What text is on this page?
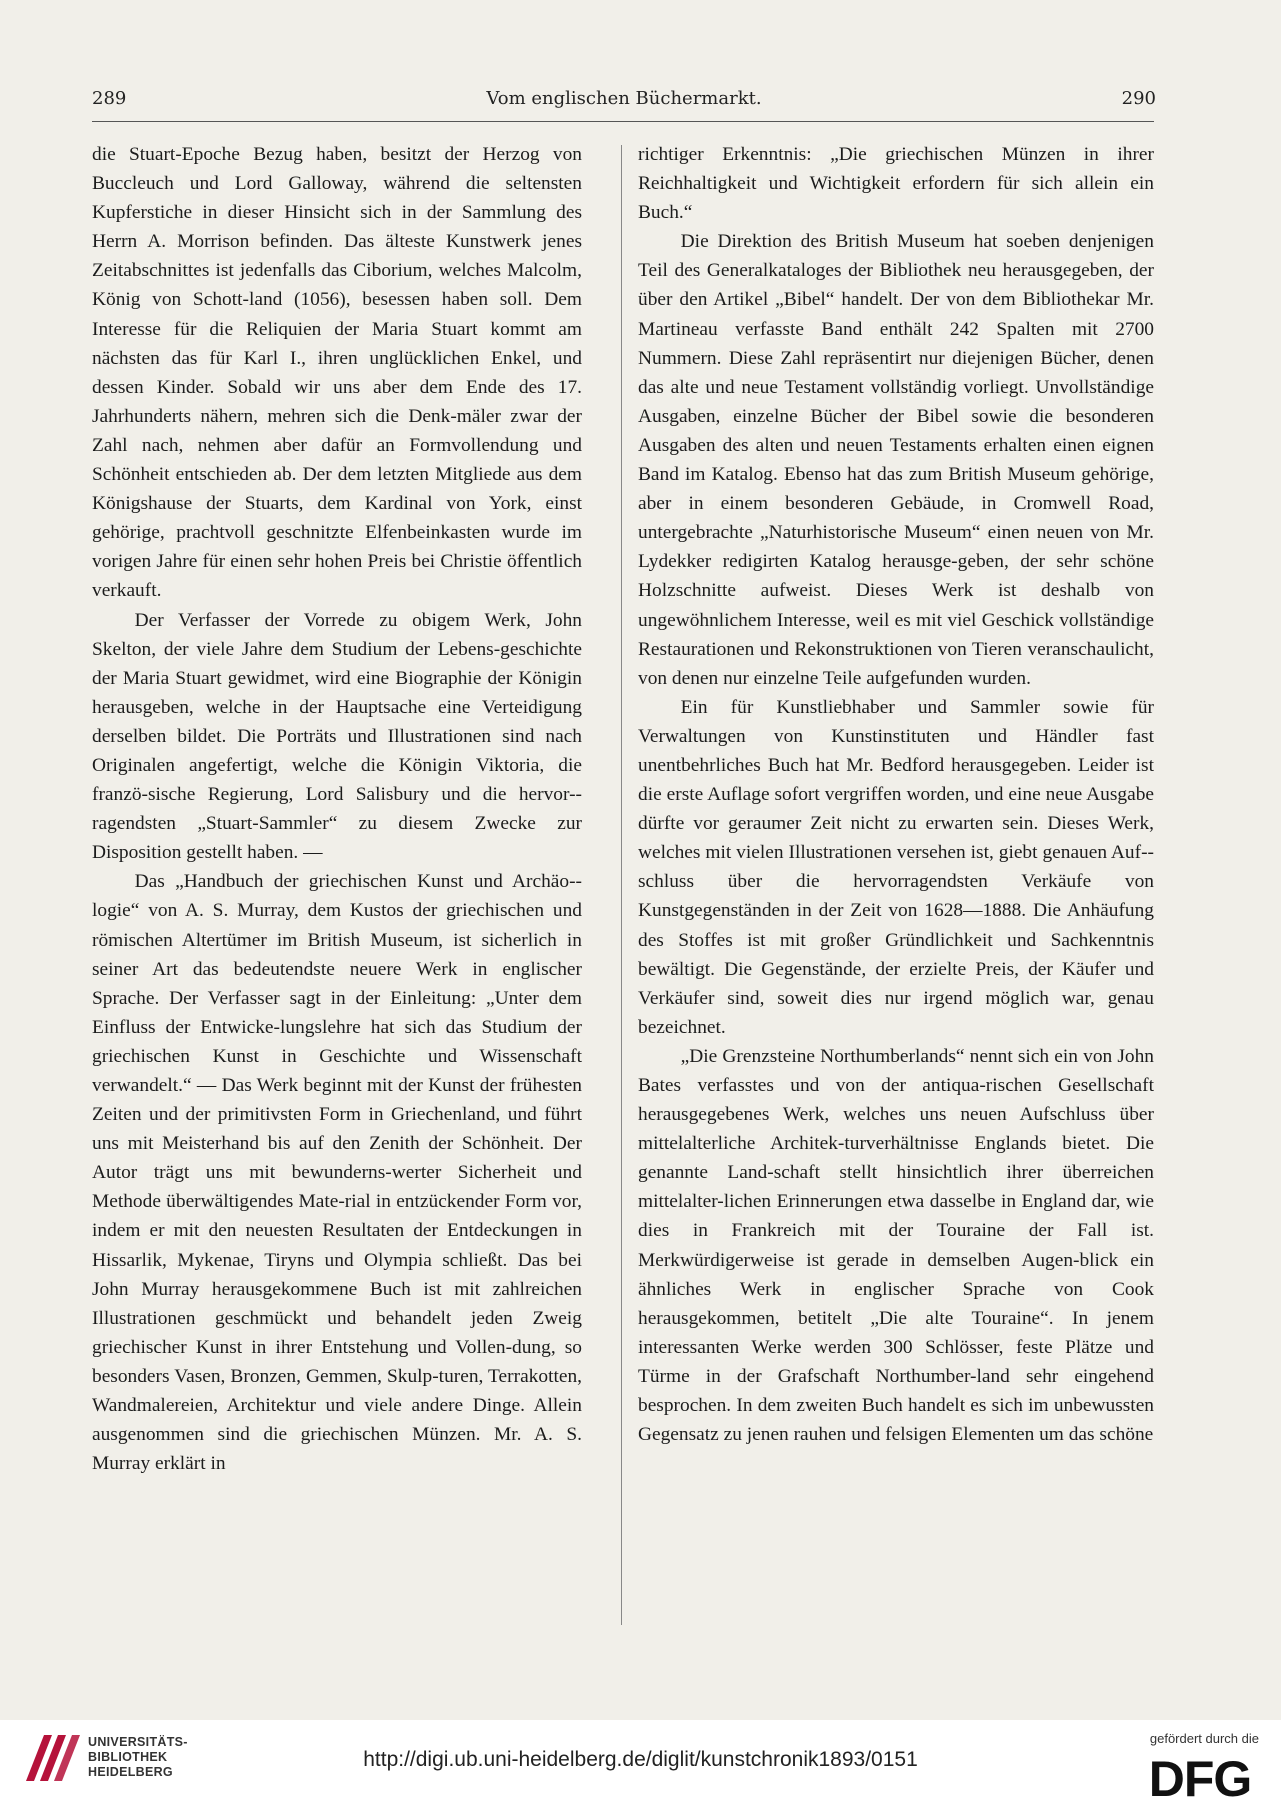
289	Vom englischen Büchermarkt.	290

die Stuart-Epoche Bezug haben, besitzt der Herzog von Buccleuch und Lord Galloway, während die seltensten Kupferstiche in dieser Hinsicht sich in der Sammlung des Herrn A. Morrison befinden. Das älteste Kunstwerk jenes Zeitabschnittes ist jedenfalls das Ciborium, welches Malcolm, König von Schott-land (1056), besessen haben soll. Dem Interesse für die Reliquien der Maria Stuart kommt am nächsten das für Karl I., ihren unglücklichen Enkel, und dessen Kinder. Sobald wir uns aber dem Ende des 17. Jahrhunderts nähern, mehren sich die Denk-mäler zwar der Zahl nach, nehmen aber dafür an Formvollendung und Schönheit entschieden ab. Der dem letzten Mitgliede aus dem Königshause der Stuarts, dem Kardinal von York, einst gehörige, prachtvoll geschnitzte Elfenbeinkasten wurde im vorigen Jahre für einen sehr hohen Preis bei Christie öffentlich verkauft.

Der Verfasser der Vorrede zu obigem Werk, John Skelton, der viele Jahre dem Studium der Lebens-geschichte der Maria Stuart gewidmet, wird eine Biographie der Königin herausgeben, welche in der Hauptsache eine Verteidigung derselben bildet. Die Porträts und Illustrationen sind nach Originalen angefertigt, welche die Königin Viktoria, die franzö-sische Regierung, Lord Salisbury und die hervor-ragendsten „Stuart-Sammler“ zu diesem Zwecke zur Disposition gestellt haben. —

Das „Handbuch der griechischen Kunst und Archäo-logie“ von A. S. Murray, dem Kustos der griechischen und römischen Altertümer im British Museum, ist sicherlich in seiner Art das bedeutendste neuere Werk in englischer Sprache. Der Verfasser sagt in der Einleitung: „Unter dem Einfluss der Entwicke-lungslehre hat sich das Studium der griechischen Kunst in Geschichte und Wissenschaft verwandelt.“ — Das Werk beginnt mit der Kunst der frühesten Zeiten und der primitivsten Form in Griechenland, und führt uns mit Meisterhand bis auf den Zenith der Schönheit. Der Autor trägt uns mit bewunderns-werter Sicherheit und Methode überwältigendes Mate-rial in entzückender Form vor, indem er mit den neuesten Resultaten der Entdeckungen in Hissarlik, Mykenae, Tiryns und Olympia schließt. Das bei John Murray herausgekommene Buch ist mit zahlreichen Illustrationen geschmückt und behandelt jeden Zweig griechischer Kunst in ihrer Entstehung und Vollen-dung, so besonders Vasen, Bronzen, Gemmen, Skulp-turen, Terrakotten, Wandmalereien, Architektur und viele andere Dinge. Allein ausgenommen sind die griechischen Münzen. Mr. A. S. Murray erklärt in

richtiger Erkenntnis: „Die griechischen Münzen in ihrer Reichhaltigkeit und Wichtigkeit erfordern für sich allein ein Buch.“

Die Direktion des British Museum hat soeben denjenigen Teil des Generalkataloges der Bibliothek neu herausgegeben, der über den Artikel „Bibel“ handelt. Der von dem Bibliothekar Mr. Martineau verfasste Band enthält 242 Spalten mit 2700 Nummern. Diese Zahl repräsentirt nur diejenigen Bücher, denen das alte und neue Testament vollständig vorliegt. Unvollständige Ausgaben, einzelne Bücher der Bibel sowie die besonderen Ausgaben des alten und neuen Testaments erhalten einen eignen Band im Katalog. Ebenso hat das zum British Museum gehörige, aber in einem besonderen Gebäude, in Cromwell Road, untergebrachte „Naturhistorische Museum“ einen neuen von Mr. Lydekker redigirten Katalog herausge-geben, der sehr schöne Holzschnitte aufweist. Dieses Werk ist deshalb von ungewöhnlichem Interesse, weil es mit viel Geschick vollständige Restaurationen und Rekonstruktionen von Tieren veranschaulicht, von denen nur einzelne Teile aufgefunden wurden.

Ein für Kunstliebhaber und Sammler sowie für Verwaltungen von Kunstinstituten und Händler fast unentbehrliches Buch hat Mr. Bedford herausgegeben. Leider ist die erste Auflage sofort vergriffen worden, und eine neue Ausgabe dürfte vor geraumer Zeit nicht zu erwarten sein. Dieses Werk, welches mit vielen Illustrationen versehen ist, giebt genauen Auf-schluss über die hervorragendsten Verkäufe von Kunstgegenständen in der Zeit von 1628—1888. Die Anhäufung des Stoffes ist mit großer Gründlichkeit und Sachkenntnis bewältigt. Die Gegenstände, der erzielte Preis, der Käufer und Verkäufer sind, soweit dies nur irgend möglich war, genau bezeichnet.

„Die Grenzsteine Northumberlands“ nennt sich ein von John Bates verfasstes und von der antiqua-rischen Gesellschaft herausgegebenes Werk, welches uns neuen Aufschluss über mittelalterliche Architek-turverhältnisse Englands bietet. Die genannte Land-schaft stellt hinsichtlich ihrer überreichen mittelalter-lichen Erinnerungen etwa dasselbe in England dar, wie dies in Frankreich mit der Touraine der Fall ist. Merkwürdigerweise ist gerade in demselben Augen-blick ein ähnliches Werk in englischer Sprache von Cook herausgekommen, betitelt „Die alte Touraine“. In jenem interessanten Werke werden 300 Schlösser, feste Plätze und Türme in der Grafschaft Northumber-land sehr eingehend besprochen. In dem zweiten Buch handelt es sich im unbewussten Gegensatz zu jenen rauhen und felsigen Elementen um das schöne

UNIVERSITÄTS-
BIBLIOTHEK
HEIDELBERG
http://digi.ub.uni-heidelberg.de/diglit/kunstchronik1893/0151
gefördert durch die
DFG
